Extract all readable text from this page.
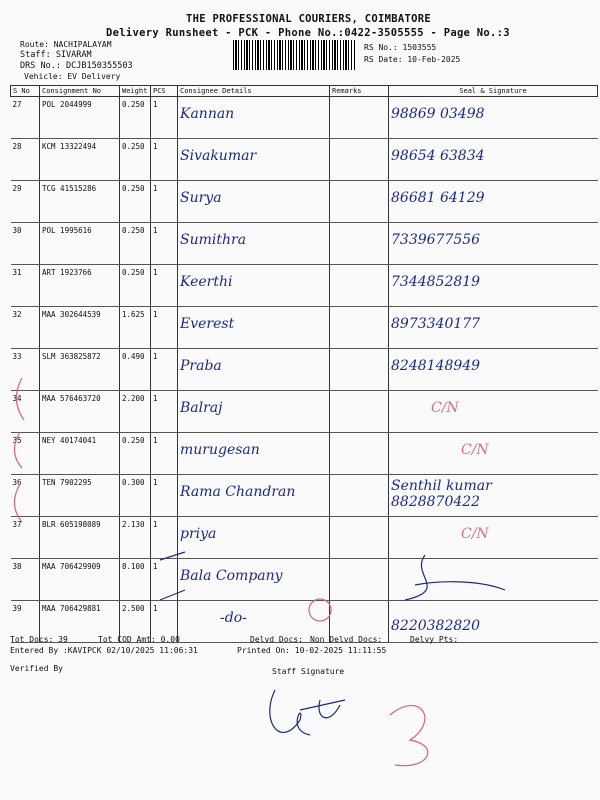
THE PROFESSIONAL COURIERS, COIMBATORE
Delivery Runsheet - PCK - Phone No.:0422-3505555 - Page No.:3
Route: NACHIPALAYAM
Staff: SIVARAM
DRS No.: DCJB150355503
Vehicle: EV Delivery
RS No.: 1503555
RS Date: 10-Feb-2025
S No	Consignment No	Weight	PCS	Consignee Details	Remarks	Seal & Signature
27	POL 2044999	0.250	1	Kannan		98869 03498
28	KCM 13322494	0.250	1	Sivakumar		98654 63834
29	TCG 41515286	0.250	1	Surya		86681 64129
30	POL 1995616	0.250	1	Sumithra		7339677556
31	ART 1923766	0.250	1	Keerthi		7344852819
32	MAA 302644539	1.625	1	Everest		8973340177
33	SLM 363825872	0.490	1	Praba		8248148949
34	MAA 576463720	2.200	1	Balraj		C/N
35	NEY 40174041	0.250	1	murugesan		C/N
36	TEN 7902295	0.300	1	Rama Chandran		Senthil kumar 8828870422
37	BLR 605198089	2.130	1	priya		C/N
38	MAA 706429909	8.100	1	Bala Company		
39	MAA 706429881	2.500	1	-do-		8220382820
Tot Docs: 39	Tot COD Amt: 0.00	Delvd Docs: Non Delvd Docs:	Delvy Pts:
Entered By :KAVIPCK 02/10/2025 11:06:31	Printed On: 10-02-2025 11:11:55
Verified By	Staff Signature
